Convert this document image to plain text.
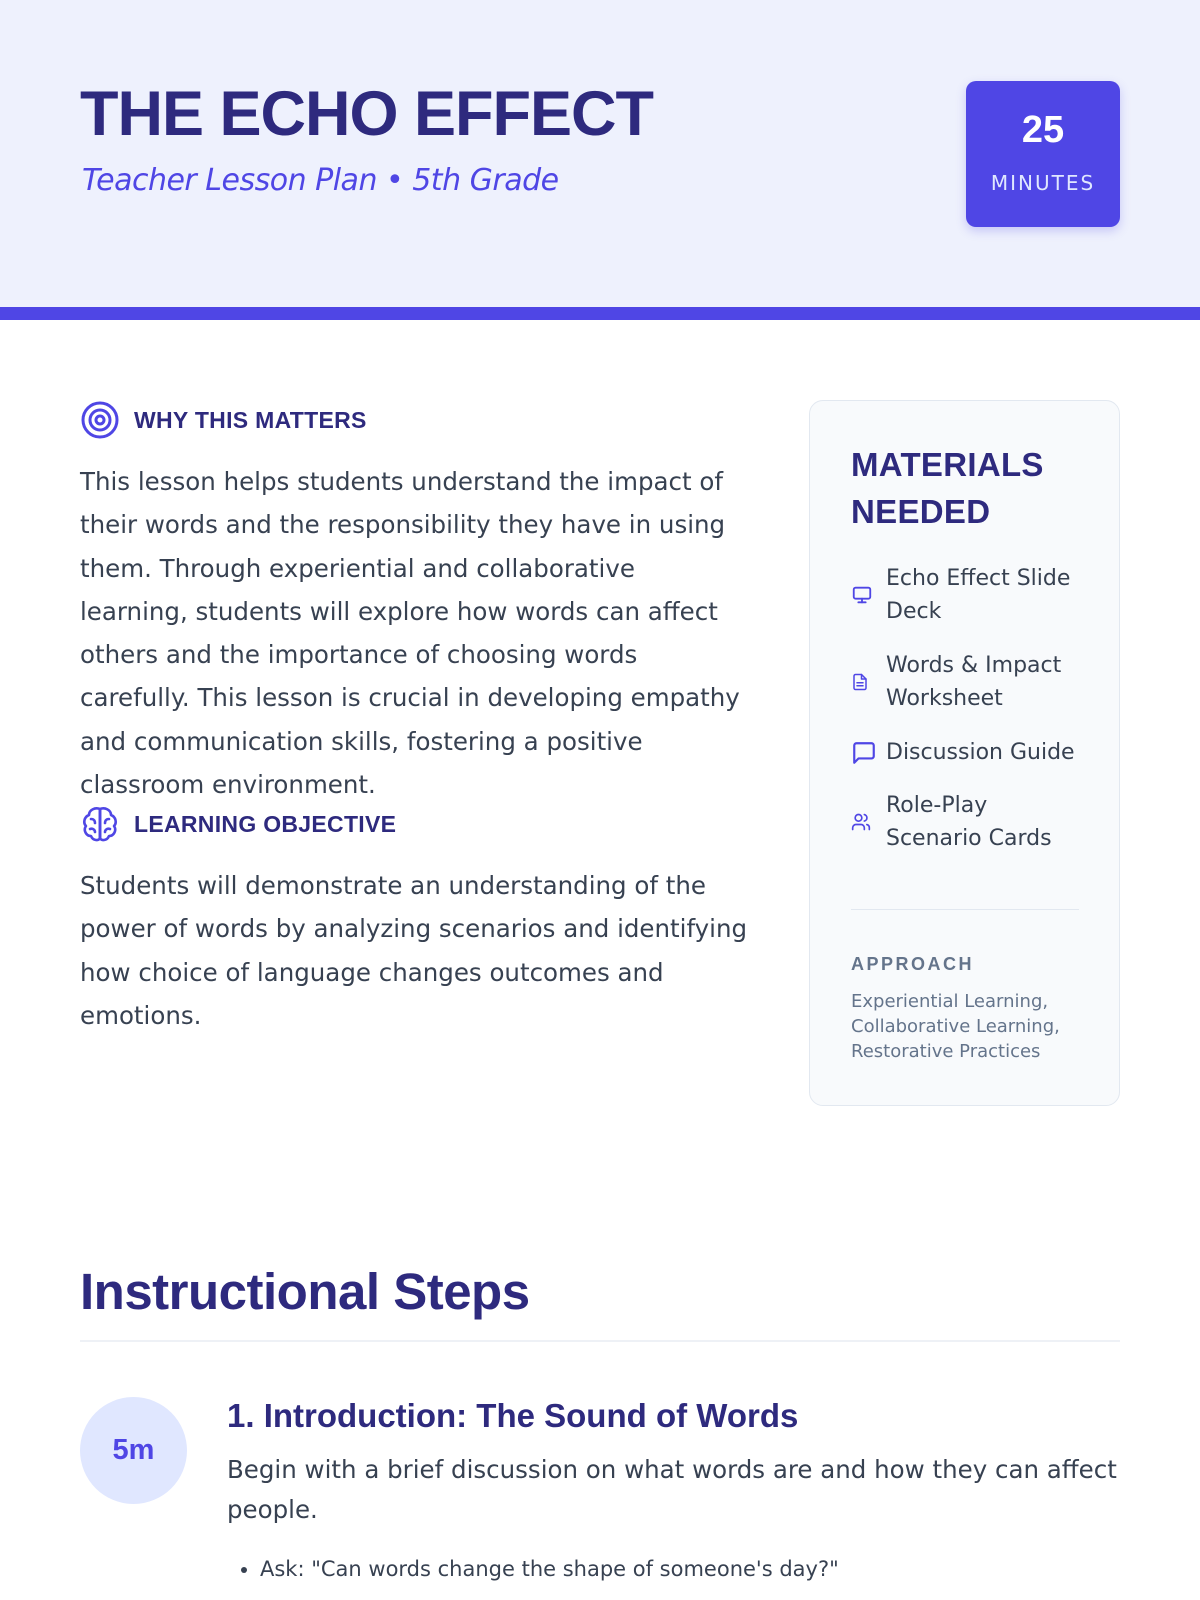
THE ECHO EFFECT
Teacher Lesson Plan • 5th Grade
25
MINUTES
WHY THIS MATTERS

This lesson helps students understand the impact of their words and the responsibility they have in using them. Through experiential and collaborative learning, students will explore how words can affect others and the importance of choosing words carefully. This lesson is crucial in developing empathy and communication skills, fostering a positive classroom environment.

LEARNING OBJECTIVE

Students will demonstrate an understanding of the power of words by analyzing scenarios and identifying how choice of language changes outcomes and emotions.

MATERIALS NEEDED
Echo Effect Slide Deck
Words & Impact Worksheet
Discussion Guide
Role-Play Scenario Cards
APPROACH
Experiential Learning, Collaborative Learning, Restorative Practices
Instructional Steps
5m
1. Introduction: The Sound of Words

Begin with a brief discussion on what words are and how they can affect people.

• Ask: "Can words change the shape of someone's day?"
